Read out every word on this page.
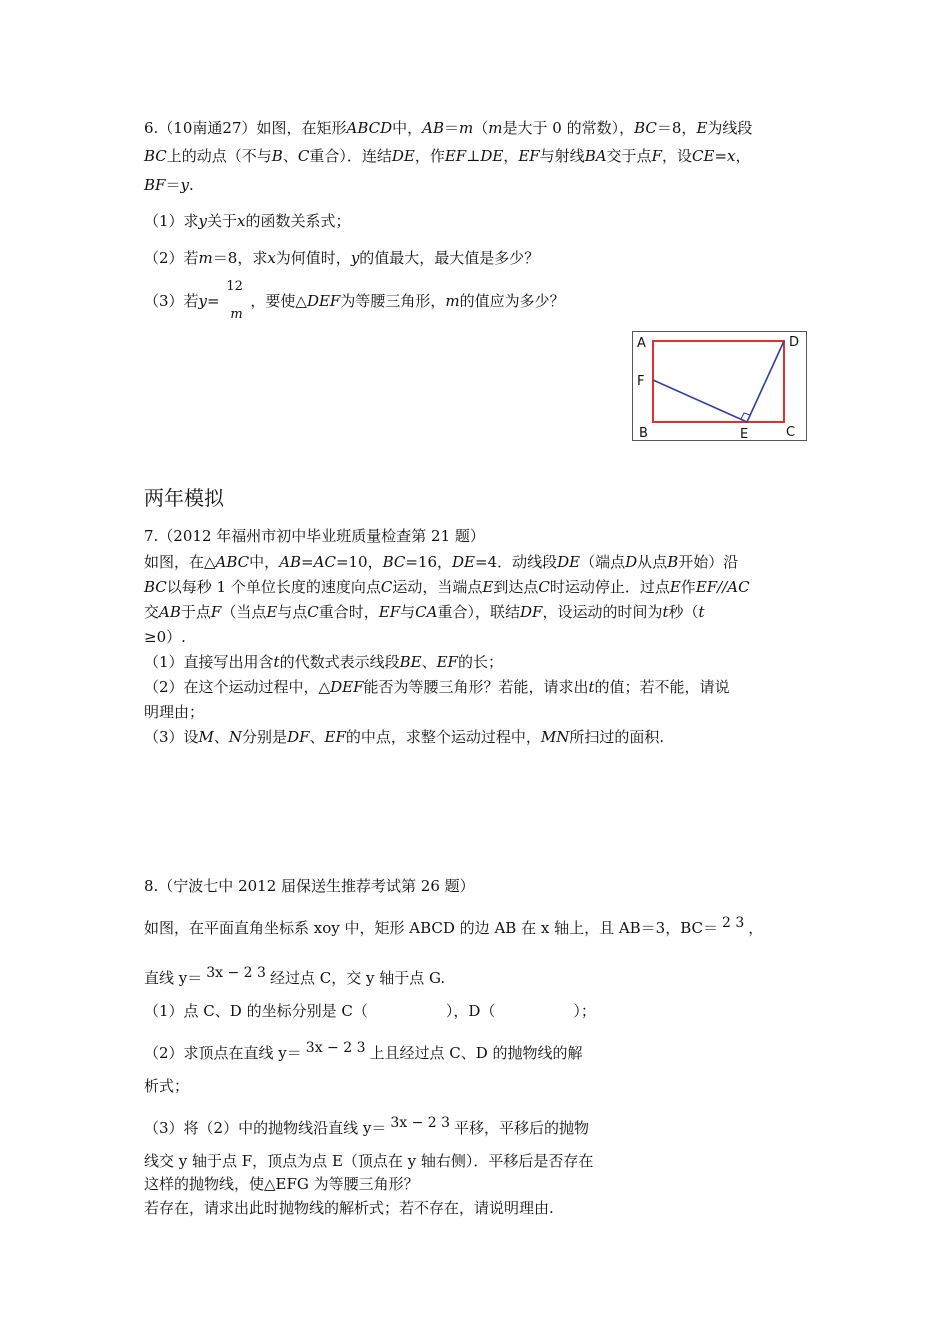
6.（10南通27）如图，在矩形ABCD中，AB＝m（m是大于 0 的常数），BC＝8，E为线段
BC上的动点（不与B、C重合）．连结DE，作EF⊥DE，EF与射线BA交于点F，设CE=x，
BF＝y.
（1）求y关于x的函数关系式；
（2）若m＝8，求x为何值时，y的值最大，最大值是多少？
（3）若y=
12
m
，要使△DEF为等腰三角形，m的值应为多少？
A	D
F
B	E	C
两年模拟
7.（2012 年福州市初中毕业班质量检查第 21 题）
如图，在△ABC中，AB=AC=10，BC=16，DE=4．动线段DE（端点D从点B开始）沿
BC以每秒 1 个单位长度的速度向点C运动，当端点E到达点C时运动停止．过点E作EF//AC
交AB于点F（当点E与点C重合时，EF与CA重合），联结DF，设运动的时间为t秒（t
≥0）.
（1）直接写出用含t的代数式表示线段BE、EF的长；
（2）在这个运动过程中，△DEF能否为等腰三角形？若能，请求出t的值；若不能，请说
明理由；
（3）设M、N分别是DF、EF的中点，求整个运动过程中，MN所扫过的面积.
8.（宁波七中 2012 届保送生推荐考试第 26 题）
如图，在平面直角坐标系 xoy 中，矩形 ABCD 的边 AB 在 x 轴上，且 AB＝3，BC＝ 2 3 ，
直线 y＝ 3x − 2 3 经过点 C，交 y 轴于点 G.
（1）点 C、D 的坐标分别是 C（	），D（	）；
（2）求顶点在直线 y＝ 3x − 2 3 上且经过点 C、D 的抛物线的解
析式；
（3）将（2）中的抛物线沿直线 y＝ 3x − 2 3 平移，平移后的抛物
线交 y 轴于点 F，顶点为点 E（顶点在 y 轴右侧）．平移后是否存在
这样的抛物线，使△EFG 为等腰三角形？
若存在，请求出此时抛物线的解析式；若不存在，请说明理由.
